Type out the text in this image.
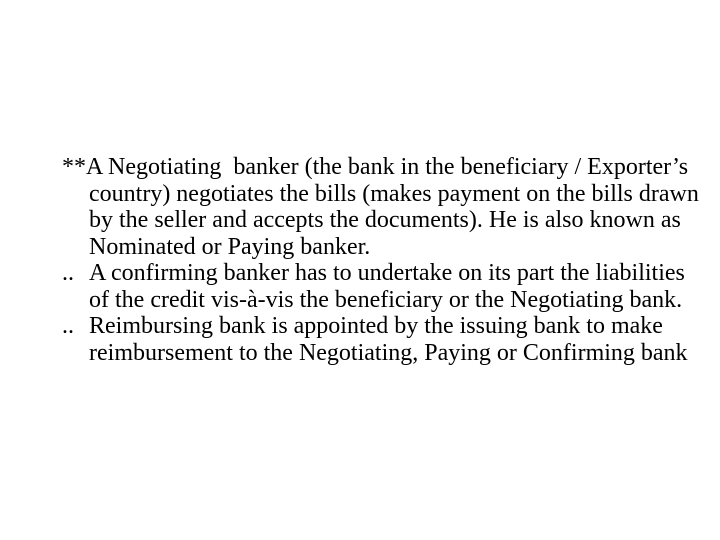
**A Negotiating  banker (the bank in the beneficiary / Exporter’s country) negotiates the bills (makes payment on the bills drawn by the seller and accepts the documents). He is also known as Nominated or Paying banker.

.. A confirming banker has to undertake on its part the liabilities of the credit vis-à-vis the beneficiary or the Negotiating bank.

.. Reimbursing bank is appointed by the issuing bank to make reimbursement to the Negotiating, Paying or Confirming bank
